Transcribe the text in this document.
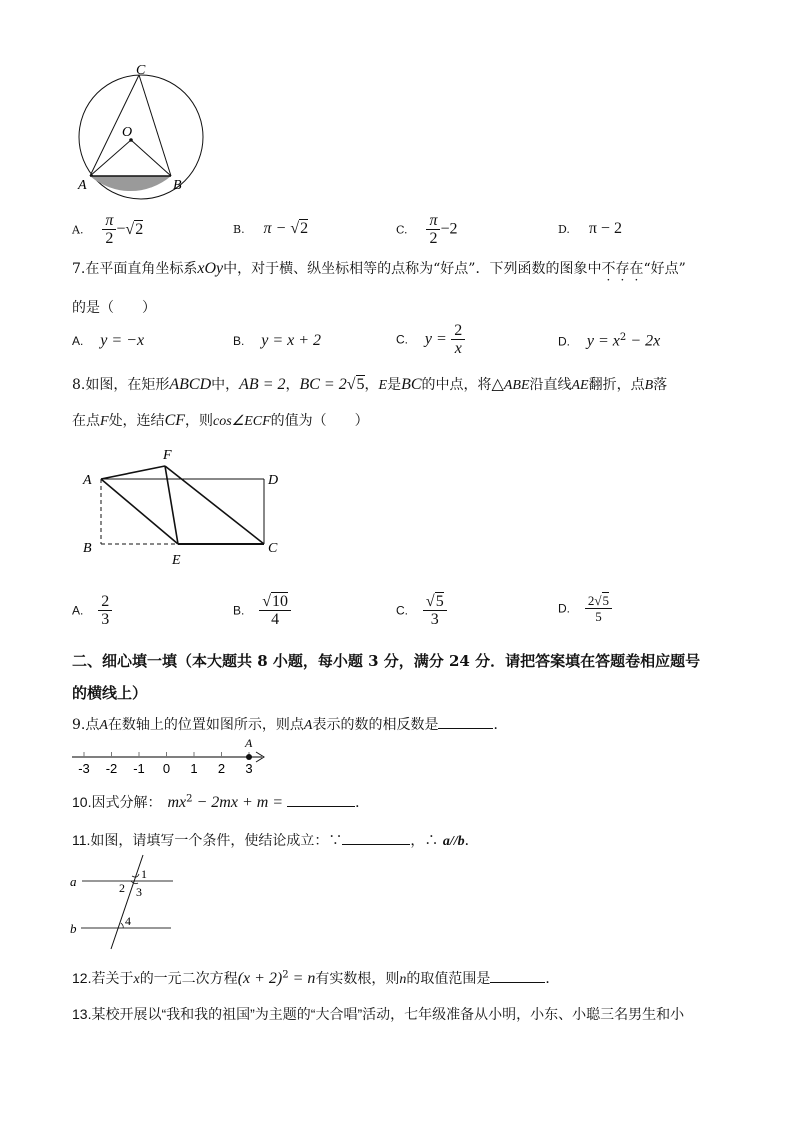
C
O
A	B
A. $\frac{\pi}{2} -√2$	B. π − √2	C. $\frac{\pi}{2} -2$	D. π − 2
7.在平面直角坐标系xOy中，对于横、纵坐标相等的点称为“好点”．下列函数的图象中不存在“好点”
的是（　　）
A. y = −x	B. y = x + 2	C. $y = \frac{2}{x}$	D. $y = x^2 - 2x$
8.如图，在矩形ABCD中，AB = 2，BC = 2√5，E是BC的中点，将△ABE沿直线AE翻折，点B落
在点F处，连结CF，则cos∠ECF的值为（　　）
A
B	C
D
E
F
A. $\frac{2}{3}$	B. $\frac{√10}{4}$	C. $\frac{√5}{3}$	D. $\frac{2√5}{5}$
二、细心填一填（本大题共 8 小题，每小题 3 分，满分 24 分．请把答案填在答题卷相应题号
的横线上）
9.点A在数轴上的位置如图所示，则点A表示的数的相反数是	．
-3 -2 -1 0 1 2 3
A
10.因式分解： $mx^2 - 2mx + m$ =	．
11.如图，请填写一个条件，使结论成立：∵	，∴ a//b．
a
b
1
2 3
4
12.若关于x的一元二次方程$(x + 2)^2 = n$有实数根，则n的取值范围是	．
13.某校开展以“我和我的祖国”为主题的“大合唱”活动，七年级准备从小明，小东、小聪三名男生和小
